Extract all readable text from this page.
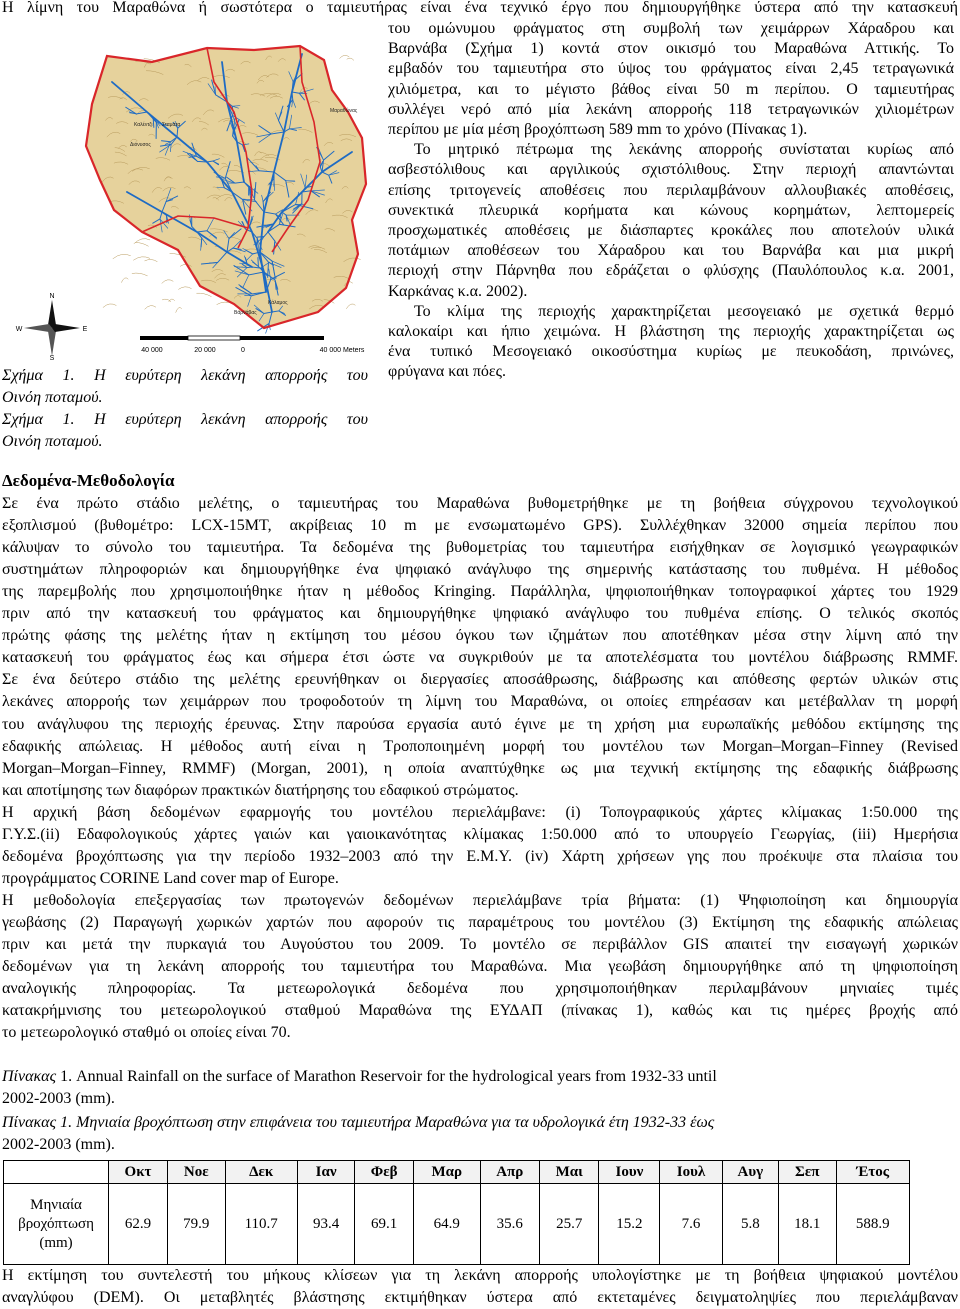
Η λίμνη του Μαραθώνα ή σωστότερα ο ταμιευτήρας είναι ένα τεχνικό έργο που δημιουργήθηκε ύστερα από την κατασκευή
του ομώνυμου φράγματος στη συμβολή των χειμάρρων Χάραδρου και
Βαρνάβα (Σχήμα 1) κοντά στον οικισμό του Μαραθώνα Αττικής. Το
εμβαδόν του ταμιευτήρα στο ύψος του φράγματος είναι 2,45 τετραγωνικά
χιλιόμετρα, και το μέγιστο βάθος είναι 50 m περίπου. Ο ταμιευτήρας
συλλέγει νερό από μία λεκάνη απορροής 118 τετραγωνικών χιλιομέτρων
περίπου με μία μέση βροχόπτωση 589 mm το χρόνο (Πίνακας 1).
Το μητρικό πέτρωμα της λεκάνης απορροής συνίσταται κυρίως από
ασβεστόλιθους και αργιλικούς σχιστόλιθους. Στην περιοχή απαντώνται
επίσης τριτογενείς αποθέσεις που περιλαμβάνουν αλλουβιακές αποθέσεις,
συνεκτικά πλευρικά κορήματα και κώνους κορημάτων, λεπτομερείς
προσχωματικές αποθέσεις με διάσπαρτες κροκάλες που αποτελούν υλικά
ποτάμιων αποθέσεων του Χάραδρου και του Βαρνάβα και μια μικρή
περιοχή στην Πάρνηθα που εδράζεται ο φλύσχης (Παυλόπουλος κ.α. 2001,
Καρκάνας κ.α. 2002).
Το κλίμα της περιοχής χαρακτηρίζεται μεσογειακό με σχετικά θερμό
καλοκαίρι και ήπιο χειμώνα. Η βλάστηση της περιοχής χαρακτηρίζεται ως
ένα τυπικό Μεσογειακό οικοσύστημα κυρίως με πευκοδάση, πρινώνες,
φρύγανα και πόες.
Καλέντζι Σταμάτα
Διόνυσος
Βαρνάβας
Κάλαμος
Μαραθώνας
N
S
E
W
40 000	20 000	0	40 000 Meters
Σχήμα 1. Η ευρύτερη λεκάνη απορροής του
Οινόη ποταμού.
Σχήμα 1. Η ευρύτερη λεκάνη απορροής του
Οινόη ποταμού.
Δεδομένα-Μεθοδολογία
Σε ένα πρώτο στάδιο μελέτης, ο ταμιευτήρας του Μαραθώνα βυθομετρήθηκε με τη βοήθεια σύγχρονου τεχνολογικού
εξοπλισμού (βυθομέτρο: LCX-15MT, ακρίβειας 10 m με ενσωματωμένο GPS). Συλλέχθηκαν 32000 σημεία περίπου που
κάλυψαν το σύνολο του ταμιευτήρα. Τα δεδομένα της βυθομετρίας του ταμιευτήρα εισήχθηκαν σε λογισμικό γεωγραφικών
συστημάτων πληροφοριών και δημιουργήθηκε ένα ψηφιακό ανάγλυφο της σημερινής κατάστασης του πυθμένα. Η μέθοδος
της παρεμβολής που χρησιμοποιήθηκε ήταν η μέθοδος Kringing. Παράλληλα, ψηφιοποιήθηκαν τοπογραφικοί χάρτες του 1929
πριν από την κατασκευή του φράγματος και δημιουργήθηκε ψηφιακό ανάγλυφο του πυθμένα επίσης. Ο τελικός σκοπός
πρώτης φάσης της μελέτης ήταν η εκτίμηση του μέσου όγκου των ιζημάτων που αποτέθηκαν μέσα στην λίμνη από την
κατασκευή του φράγματος έως και σήμερα έτσι ώστε να συγκριθούν με τα αποτελέσματα του μοντέλου διάβρωσης RMMF.
Σε ένα δεύτερο στάδιο της μελέτης ερευνήθηκαν οι διεργασίες αποσάθρωσης, διάβρωσης και απόθεσης φερτών υλικών στις
λεκάνες απορροής των χειμάρρων που τροφοδοτούν τη λίμνη του Μαραθώνα, οι οποίες επηρέασαν και μετέβαλλαν τη μορφή
του ανάγλυφου της περιοχής έρευνας. Στην παρούσα εργασία αυτό έγινε με τη χρήση μια ευρωπαϊκής μεθόδου εκτίμησης της
εδαφικής απώλειας. Η μέθοδος αυτή είναι η Τροποποιημένη μορφή του μοντέλου των Morgan–Morgan–Finney (Revised
Morgan–Morgan–Finney, RMMF) (Morgan, 2001), η οποία αναπτύχθηκε ως μια τεχνική εκτίμησης της εδαφικής διάβρωσης
και αποτίμησης των διαφόρων πρακτικών διατήρησης του εδαφικού στρώματος.
Η αρχική βάση δεδομένων εφαρμογής του μοντέλου περιελάμβανε: (i) Τοπογραφικούς χάρτες κλίμακας 1:50.000 της
Γ.Υ.Σ.(ii) Εδαφολογικούς χάρτες γαιών και γαιοικανότητας κλίμακας 1:50.000 από το υπουργείο Γεωργίας, (iii) Ημερήσια
δεδομένα βροχόπτωσης για την περίοδο 1932–2003 από την Ε.Μ.Υ. (iv) Χάρτη χρήσεων γης που προέκυψε στα πλαίσια του
προγράμματος CORINE Land cover map of Europe.
Η μεθοδολογία επεξεργασίας των πρωτογενών δεδομένων περιελάμβανε τρία βήματα: (1) Ψηφιοποίηση και δημιουργία
γεωβάσης (2) Παραγωγή χωρικών χαρτών που αφορούν τις παραμέτρους του μοντέλου (3) Εκτίμηση της εδαφικής απώλειας
πριν και μετά την πυρκαγιά του Αυγούστου του 2009. Το μοντέλο σε περιβάλλον GIS απαιτεί την εισαγωγή χωρικών
δεδομένων για τη λεκάνη απορροής του ταμιευτήρα του Μαραθώνα. Μια γεωβάση δημιουργήθηκε από τη ψηφιοποίηση
αναλογικής πληροφορίας. Τα μετεωρολογικά δεδομένα που χρησιμοποιήθηκαν περιλαμβάνουν μηνιαίες τιμές
κατακρήμνισης του μετεωρολογικού σταθμού Μαραθώνα της ΕΥΔΑΠ (πίνακας 1), καθώς και τις ημέρες βροχής από
το μετεωρολογικό σταθμό οι οποίες είναι 70.
Πίνακας 1. Annual Rainfall on the surface of Marathon Reservoir for the hydrological years from 1932-33 until
2002-2003 (mm).
Πίνακας 1. Μηνιαία βροχόπτωση στην επιφάνεια του ταμιευτήρα Μαραθώνα για τα υδρολογικά έτη 1932-33 έως
2002-2003 (mm).
	Οκτ	Νοε	Δεκ	Ιαν	Φεβ	Μαρ	Απρ	Μαι	Ιουν	Ιουλ	Αυγ	Σεπ	Έτος

Μηνιαία
βροχόπτωση
(mm)	62.9	79.9	110.7	93.4	69.1	64.9	35.6	25.7	15.2	7.6	5.8	18.1	588.9
Η εκτίμηση του συντελεστή του μήκους κλίσεων για τη λεκάνη απορροής υπολογίστηκε με τη βοήθεια ψηφιακού μοντέλου
αναγλύφου (DEM). Οι μεταβλητές βλάστησης εκτιμήθηκαν ύστερα από εκτεταμένες δειγματοληψίες που περιελάμβαναν
